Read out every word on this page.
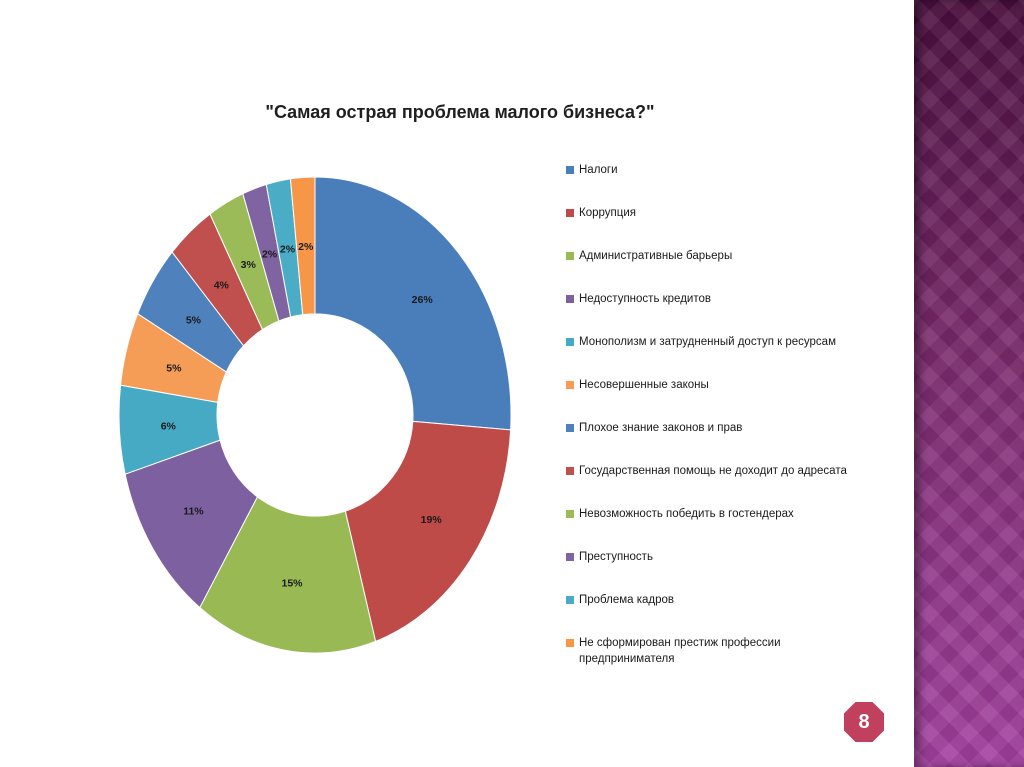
"Самая острая проблема малого бизнеса?"
26%
19%
15%
11%
6%
5%
5%
4%
3%
2% 2% 2%
Налоги
Коррупция
Административные барьеры
Недоступность кредитов
Монополизм и затрудненный доступ к ресурсам
Несовершенные законы
Плохое знание законов и прав
Государственная помощь не доходит до адресата
Невозможность победить в гостендерах
Преступность
Проблема кадров
Не сформирован престиж профессии предпринимателя
8
